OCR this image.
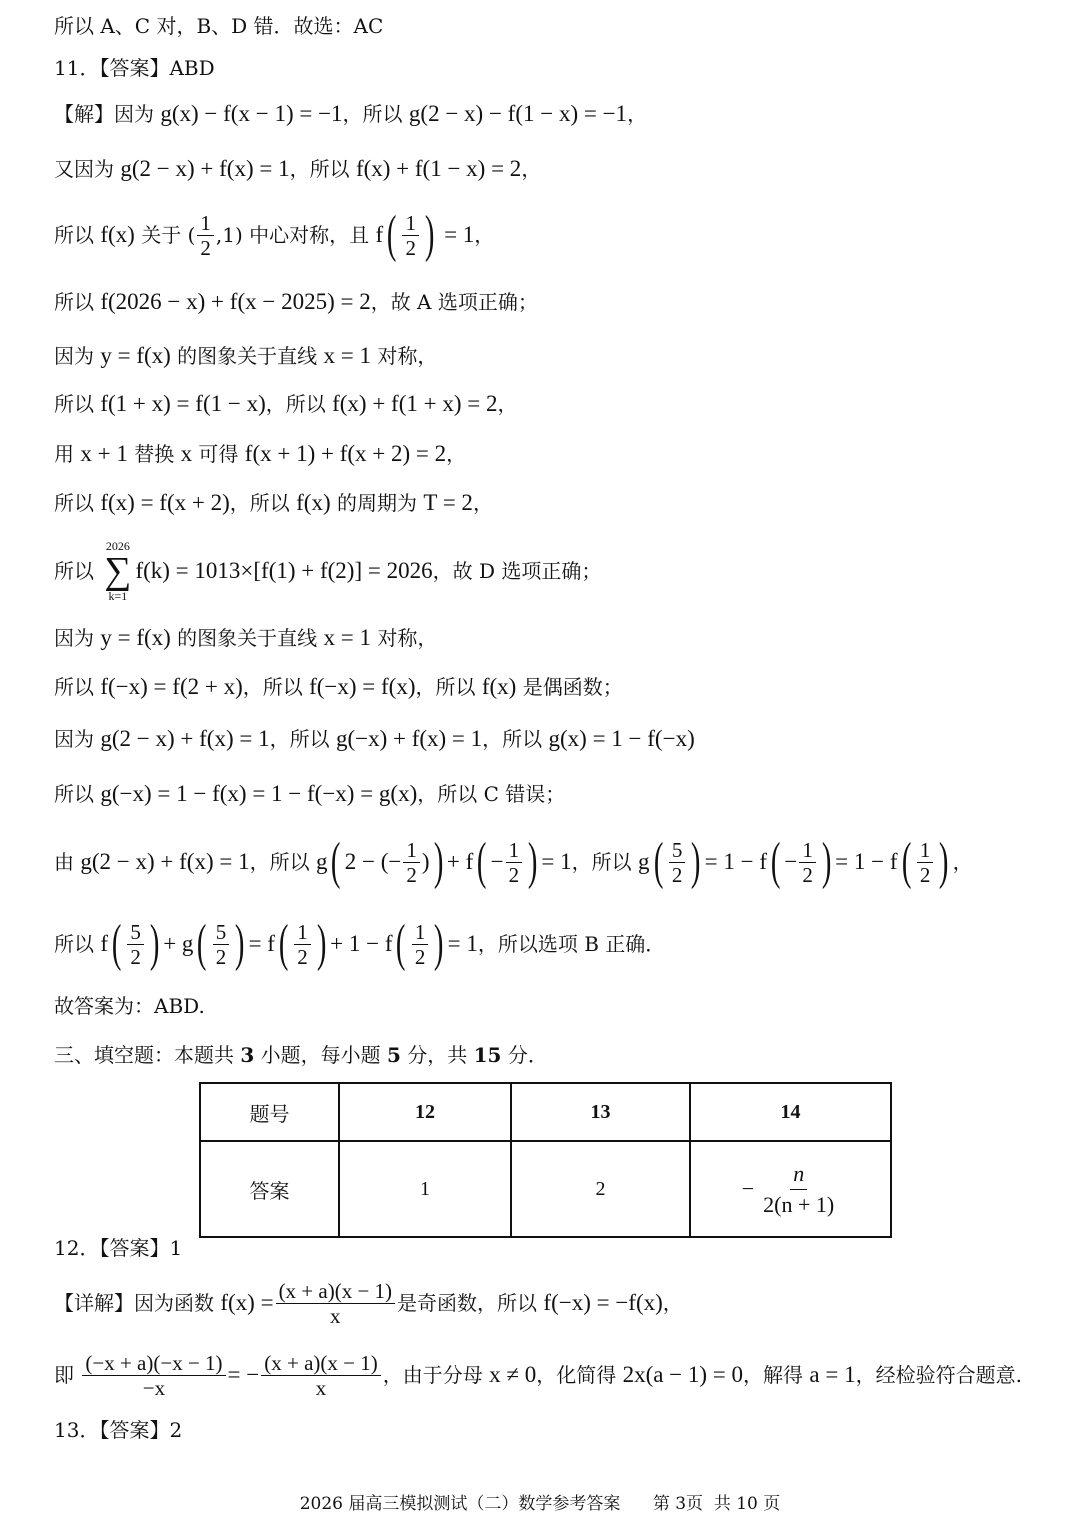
所以 A、C 对，B、D 错．故选：AC
11．【答案】ABD
【解】因为 g(x) − f(x − 1) = −1 ，所以 g(2 − x) − f(1 − x) = −1 ，
又因为 g(2 − x) + f(x) = 1 ，所以 f(x) + f(1 − x) = 2 ，
所以 f(x) 关于 ( $\frac{1}{2} ,1$) 中心对称，且 f ( $\frac{1}{2}$ ) = 1 ，
所以 f(2026 − x) + f(x − 2025) = 2 ，故 A 选项正确；
因为 y = f(x) 的图象关于直线 x = 1 对称，
所以 f(1 + x) = f(1 − x) ，所以 f(x) + f(1 + x) = 2 ，
用 x + 1 替换 x 可得 f(x + 1) + f(x + 2) = 2 ，
所以 f(x) = f(x + 2) ，所以 f(x) 的周期为 T = 2 ，
所以
2026
∑
k=1
f(k) = 1013×[f(1) + f(2)] = 2026 ，故 D 选项正确；
因为 y = f(x) 的图象关于直线 x = 1 对称，
所以 f(−x) = f(2 + x) ，所以 f(−x) = f(x) ，所以 f(x) 是偶函数；
因为 g(2 − x) + f(x) = 1 ，所以 g(−x) + f(x) = 1 ，所以 g(x) = 1 − f(−x)
所以 g(−x) = 1 − f(x) = 1 − f(−x) = g(x) ，所以 C 错误；
由 g(2 − x) + f(x) = 1 ，所以 g ( 2 − (− $\frac{1}{2}$ ) ) + f ( − $\frac{1}{2}$ ) = 1 ，所以 g ( $\frac{5}{2}$ ) = 1 − f ( − $\frac{1}{2}$ ) = 1 − f ( $\frac{1}{2}$ ) ，
所以 f ( $\frac{5}{2}$ ) + g ( $\frac{5}{2}$ ) = f ( $\frac{1}{2}$ ) + 1 − f ( $\frac{1}{2}$ ) = 1 ，所以选项 B 正确．
故答案为：ABD.
三、填空题：本题共 3 小题，每小题 5 分，共 15 分．
题号	12	13	14
答案	1	2	− $\frac{n}{2(n + 1)}$
12．【答案】1
【详解】因为函数 $f(x) = \frac{(x + a)(x - 1)}{x}$ 是奇函数，所以 f(−x) = −f(x) ，
即 $\frac{(-x + a)(-x - 1)}{-x}$ = − $\frac{(x + a)(x - 1)}{x}$ ，由于分母 x ≠ 0 ，化简得 2x(a − 1) = 0 ，解得 a = 1 ，经检验符合题意.
13．【答案】2
2026 届高三模拟测试（二）数学参考答案 第 3页  共 10 页
